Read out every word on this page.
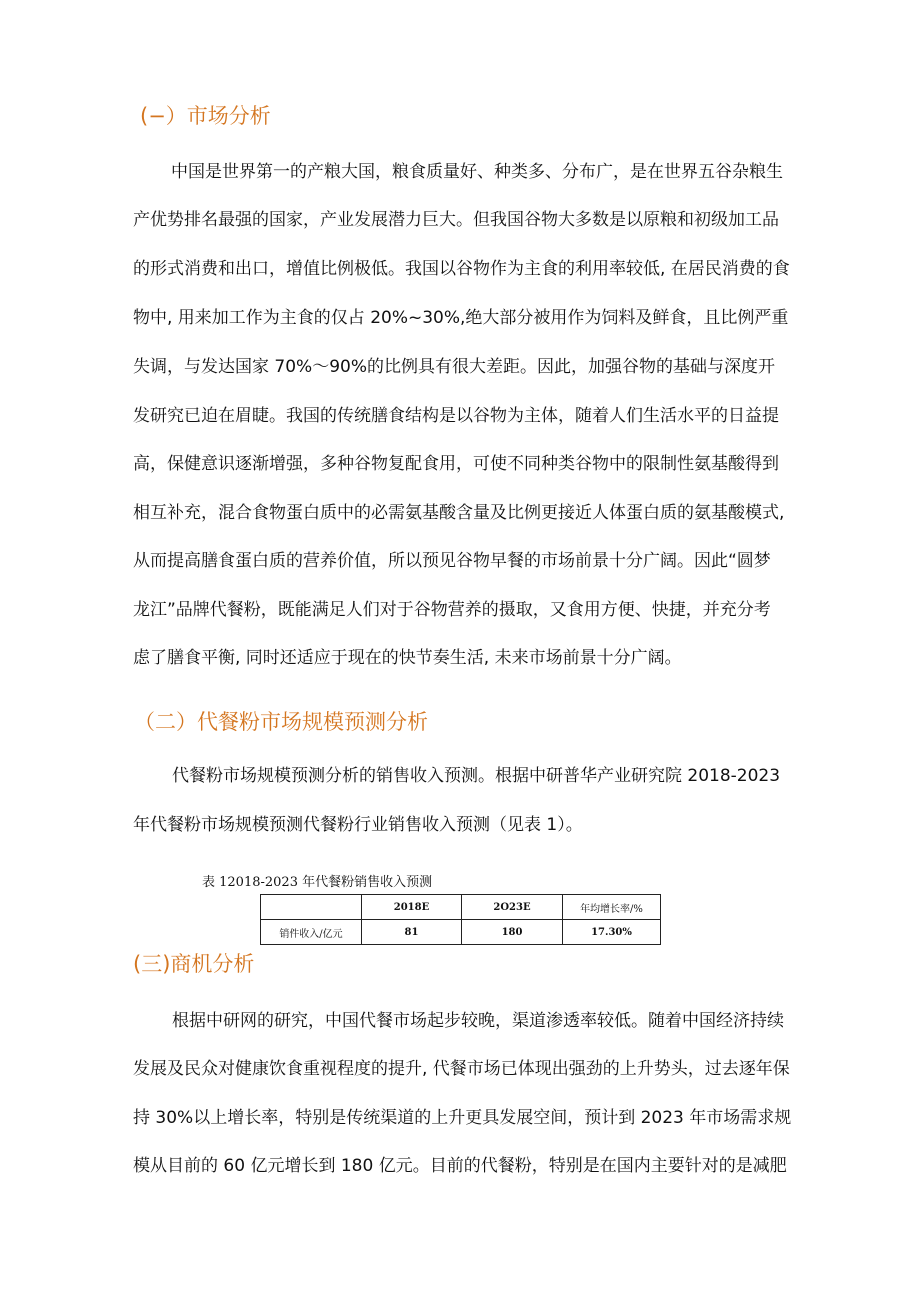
(−）市场分析

中国是世界第一的产粮大国，粮食质量好、种类多、分布广，是在世界五谷杂粮生

产优势排名最强的国家，产业发展潜力巨大。但我国谷物大多数是以原粮和初级加工品

的形式消费和出口，增值比例极低。我国以谷物作为主食的利用率较低, 在居民消费的食

物中, 用来加工作为主食的仅占 20%~30%,绝大部分被用作为饲料及鲜食，且比例严重

失调，与发达国家 70%～90%的比例具有很大差距。因此，加强谷物的基础与深度开

发研究已迫在眉睫。我国的传统膳食结构是以谷物为主体，随着人们生活水平的日益提

高，保健意识逐渐增强，多种谷物复配食用，可使不同种类谷物中的限制性氨基酸得到

相互补充，混合食物蛋白质中的必需氨基酸含量及比例更接近人体蛋白质的氨基酸模式,

从而提高膳食蛋白质的营养价值，所以预见谷物早餐的市场前景十分广阔。因此“圆梦

龙江”品牌代餐粉，既能满足人们对于谷物营养的摄取，又食用方便、快捷，并充分考

虑了膳食平衡, 同时还适应于现在的快节奏生活, 未来市场前景十分广阔。

（二）代餐粉市场规模预测分析

代餐粉市场规模预测分析的销售收入预测。根据中研普华产业研究院 2018-2023

年代餐粉市场规模预测代餐粉行业销售收入预测（见表 1）。

表 12018-2023 年代餐粉销售收入预测

	2018E	2O23E	年均增长率/%
销件收入/亿元	81	180	17.30%
(三)商机分析

根据中研网的研究，中国代餐市场起步较晚，渠道渗透率较低。随着中国经济持续

发展及民众对健康饮食重视程度的提升, 代餐市场已体现出强劲的上升势头，过去逐年保

持 30%以上增长率，特别是传统渠道的上升更具发展空间，预计到 2023 年市场需求规

模从目前的 60 亿元增长到 180 亿元。目前的代餐粉，特别是在国内主要针对的是减肥
